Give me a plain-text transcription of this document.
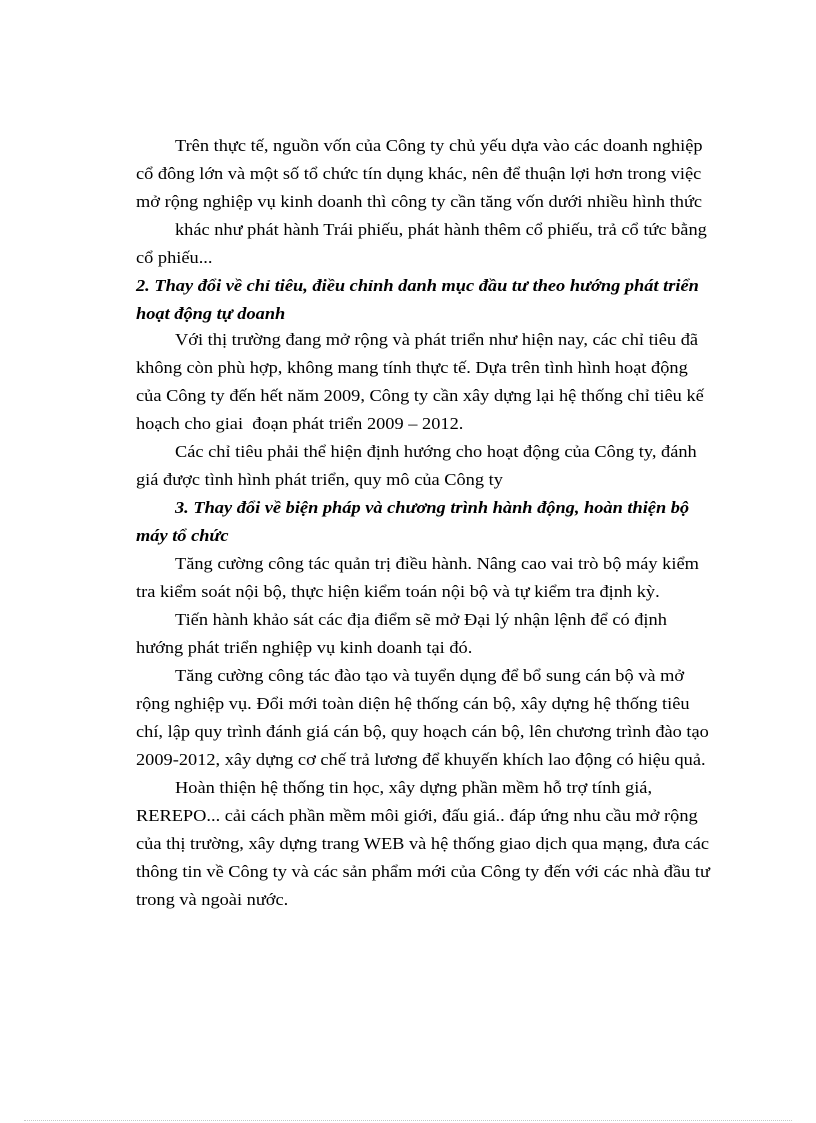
Trên thực tế, nguồn vốn của Công ty chủ yếu dựa vào các doanh nghiệp
cổ đông lớn và một số tổ chức tín dụng khác, nên để thuận lợi hơn trong việc
mở rộng nghiệp vụ kinh doanh thì công ty cần tăng vốn dưới nhiều hình thức
khác như phát hành Trái phiếu, phát hành thêm cổ phiếu, trả cổ tức bằng
cổ phiếu...
2. Thay đổi về chỉ tiêu, điều chỉnh danh mục đầu tư theo hướng phát triển
hoạt động tự doanh
Với thị trường đang mở rộng và phát triển như hiện nay, các chỉ tiêu đã
không còn phù hợp, không mang tính thực tế. Dựa trên tình hình hoạt động
của Công ty đến hết năm 2009, Công ty cần xây dựng lại hệ thống chỉ tiêu kế
hoạch cho giai  đoạn phát triển 2009 – 2012.
Các chỉ tiêu phải thể hiện định hướng cho hoạt động của Công ty, đánh
giá được tình hình phát triển, quy mô của Công ty
3. Thay đổi về biện pháp và chương trình hành động, hoàn thiện bộ
máy tổ chức
Tăng cường công tác quản trị điều hành. Nâng cao vai trò bộ máy kiểm
tra kiểm soát nội bộ, thực hiện kiểm toán nội bộ và tự kiểm tra định kỳ.
Tiến hành khảo sát các địa điểm sẽ mở Đại lý nhận lệnh để có định
hướng phát triển nghiệp vụ kinh doanh tại đó.
Tăng cường công tác đào tạo và tuyển dụng để bổ sung cán bộ và mở
rộng nghiệp vụ. Đổi mới toàn diện hệ thống cán bộ, xây dựng hệ thống tiêu
chí, lập quy trình đánh giá cán bộ, quy hoạch cán bộ, lên chương trình đào tạo
2009-2012, xây dựng cơ chế trả lương để khuyến khích lao động có hiệu quả.
Hoàn thiện hệ thống tin học, xây dựng phần mềm hỗ trợ tính giá,
REREPO... cải cách phần mềm môi giới, đấu giá.. đáp ứng nhu cầu mở rộng
của thị trường, xây dựng trang WEB và hệ thống giao dịch qua mạng, đưa các
thông tin về Công ty và các sản phẩm mới của Công ty đến với các nhà đầu tư
trong và ngoài nước.
